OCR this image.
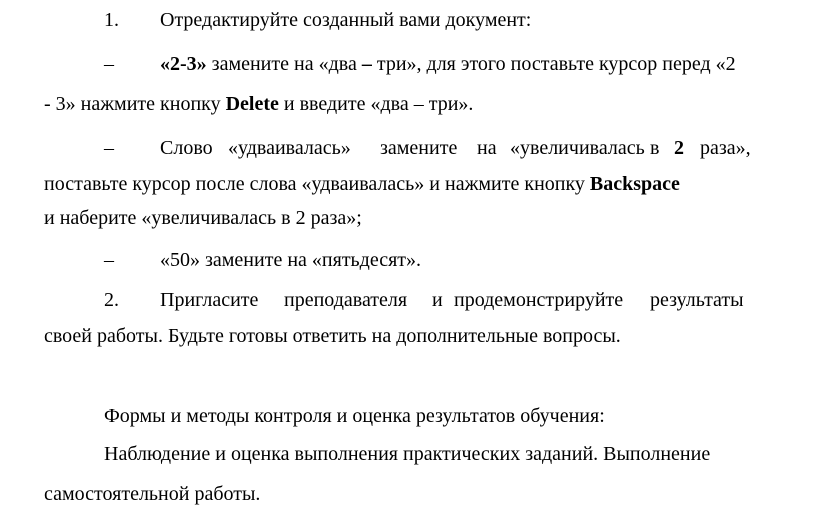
1. Отредактируйте созданный вами документ:
– «2-3» замените на «два – три», для этого поставьте курсор перед «2
- 3» нажмите кнопку Delete и введите «два – три».
– Слово «удваивалась» замените на «увеличивалась в 2 раза»,
поставьте курсор после слова «удваивалась» и нажмите кнопку Backspace
и наберите «увеличивалась в 2 раза»;
– «50» замените на «пятьдесят».
2. Пригласите преподавателя и продемонстрируйте результаты
своей работы. Будьте готовы ответить на дополнительные вопросы.
Формы и методы контроля и оценка результатов обучения:
Наблюдение и оценка выполнения практических заданий. Выполнение
самостоятельной работы.
